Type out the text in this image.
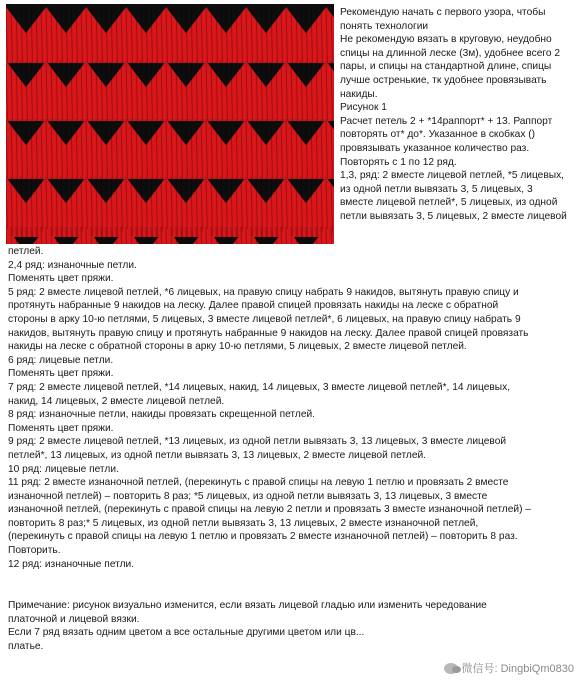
Рекомендую начать с первого узора, чтобы

понять технологии

Не рекомендую вязать в круговую, неудобно

спицы на длинной леске (3м), удобнее всего 2

пары, и спицы на стандартной длине, спицы

лучше остренькие, тк удобнее провязывать

накиды.

Рисунок 1

Расчет петель 2 + *14раппорт* + 13. Раппорт

повторять от* до*. Указанное в скобках ()

провязывать указанное количество раз.

Повторять с 1 по 12 ряд.

1,3, ряд: 2 вместе лицевой петлей, *5 лицевых,

из одной петли вывязать 3, 5 лицевых, 3

вместе лицевой петлей*, 5 лицевых, из одной

петли вывязать 3, 5 лицевых, 2 вместе лицевой

петлей.

2,4 ряд: изнаночные петли.

Поменять цвет пряжи.

5 ряд: 2 вместе лицевой петлей, *6 лицевых, на правую спицу набрать 9 накидов, вытянуть правую спицу и

протянуть набранные 9 накидов на леску. Далее правой спицей провязать накиды на леске с обратной

стороны в арку 10-ю петлями, 5 лицевых, 3 вместе лицевой петлей*, 6 лицевых, на правую спицу набрать 9

накидов, вытянуть правую спицу и протянуть набранные 9 накидов на леску. Далее правой спицей провязать

накиды на леске с обратной стороны в арку 10-ю петлями, 5 лицевых, 2 вместе лицевой петлей.

6 ряд: лицевые петли.

Поменять цвет пряжи.

7 ряд: 2 вместе лицевой петлей, *14 лицевых, накид, 14 лицевых, 3 вместе лицевой петлей*, 14 лицевых,

накид, 14 лицевых, 2 вместе лицевой петлей.

8 ряд: изнаночные петли, накиды провязать скрещенной петлей.

Поменять цвет пряжи.

9 ряд: 2 вместе лицевой петлей, *13 лицевых, из одной петли вывязать 3, 13 лицевых, 3 вместе лицевой

петлей*, 13 лицевых, из одной петли вывязать 3, 13 лицевых, 2 вместе лицевой петлей.

10 ряд: лицевые петли.

11 ряд: 2 вместе изнаночной петлей, (перекинуть с правой спицы на левую 1 петлю и провязать 2 вместе

изнаночной петлей) – повторить 8 раз; *5 лицевых, из одной петли вывязать 3, 13 лицевых, 3 вместе

изнаночной петлей, (перекинуть с правой спицы на левую 2 петли и провязать 3 вместе изнаночной петлей) –

повторить 8 раз;* 5 лицевых, из одной петли вывязать 3, 13 лицевых, 2 вместе изнаночной петлей,

(перекинуть с правой спицы на левую 1 петлю и провязать 2 вместе изнаночной петлей) – повторить 8 раз.

Повторить.

12 ряд: изнаночные петли.

Примечание: рисунок визуально изменится, если вязать лицевой гладью или изменить чередование

платочной и лицевой вязки.

Если 7 ряд вязать одним цветом а все остальные другими цветом или цв...

платье.

微信号: DingbiQm0830
